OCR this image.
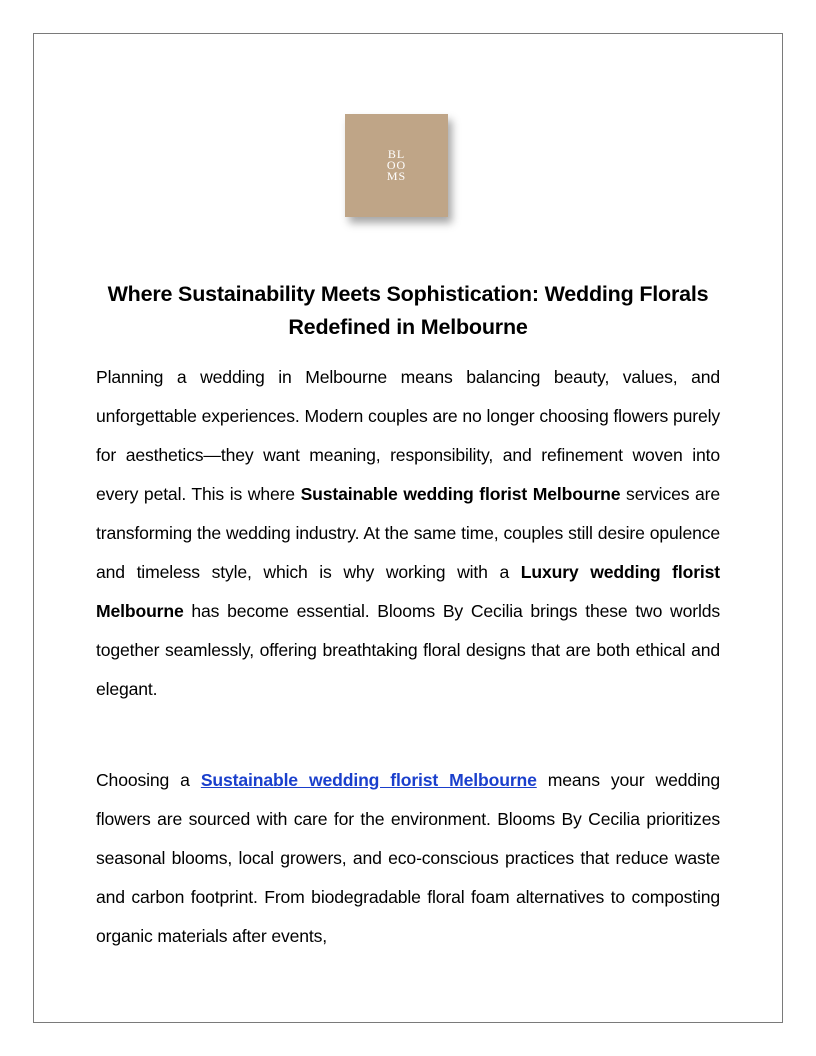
BL
OO
MS
Where Sustainability Meets Sophistication: Wedding Florals Redefined in Melbourne

Planning a wedding in Melbourne means balancing beauty, values, and unforgettable experiences. Modern couples are no longer choosing flowers purely for aesthetics—they want meaning, responsibility, and refinement woven into every petal. This is where Sustainable wedding florist Melbourne services are transforming the wedding industry. At the same time, couples still desire opulence and timeless style, which is why working with a Luxury wedding florist Melbourne has become essential. Blooms By Cecilia brings these two worlds together seamlessly, offering breathtaking floral designs that are both ethical and elegant.

Choosing a Sustainable wedding florist Melbourne means your wedding flowers are sourced with care for the environment. Blooms By Cecilia prioritizes seasonal blooms, local growers, and eco-conscious practices that reduce waste and carbon footprint. From biodegradable floral foam alternatives to composting organic materials after events,
